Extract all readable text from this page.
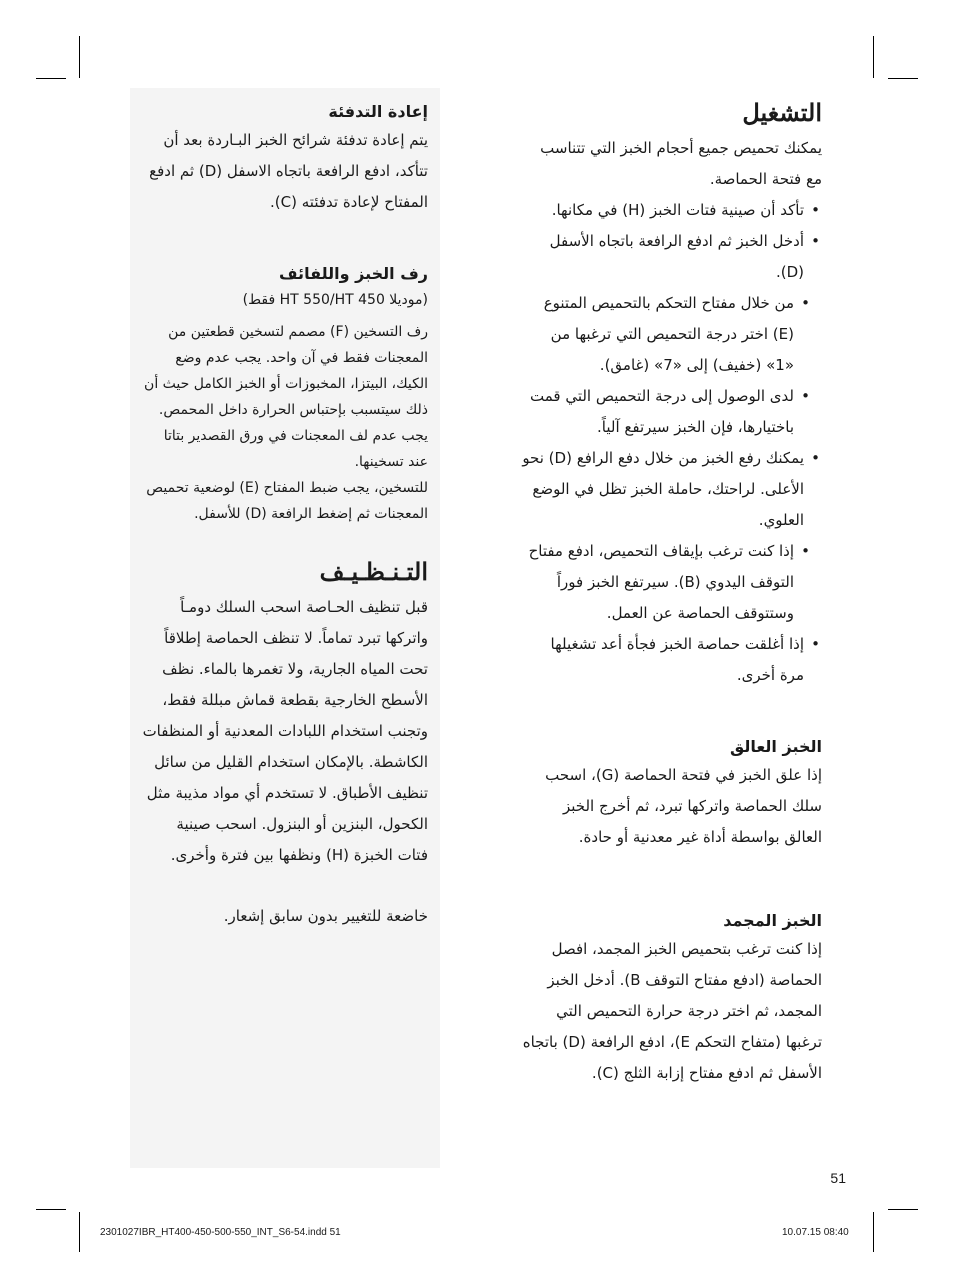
إعادة التدفئة

يتم إعادة تدفئة شرائح الخبز البـاردة بعد أن تتأكد، ادفع الرافعة باتجاه الاسفل (D) ثم ادفع المفتاح لإعادة تدفئته (C).

رف الخبز واللفائف

(موديلا HT 550/HT 450 فقط)

رف التسخين (F) مصمم لتسخين قطعتين من المعجنات فقط في آن واحد. يجب عدم وضع الكيك، البيتزا، المخبوزات أو الخبز الكامل حيث أن ذلك سيتسبب بإحتباس الحرارة داخل المحمص.

يجب عدم لف المعجنات في ورق القصدير بتاتا عند تسخينها.

للتسخين، يجب ضبط المفتاح (E) لوضعية تحميص المعجنات ثم إضغط الرافعة (D) للأسفل.

التـنـظـيـف

قبل تنظيف الحـاصة اسحب السلك دومـاً واتركها تبرد تماماً. لا تنظف الحماصة إطلاقاً تحت المياه الجارية، ولا تغمرها بالماء. نظف الأسطح الخارجية بقطعة قماش مبللة فقط، وتجنب استخدام اللبادات المعدنية أو المنظفات الكاشطة. بالإمكان استخدام القليل من سائل تنظيف الأطباق. لا تستخدم أي مواد مذيبة مثل الكحول، البنزين أو البنزول. اسحب صينية فتات الخبزة (H) ونظفها بين فترة وأخرى.

خاضعة للتغيير بدون سابق إشعار.

التشغيل

يمكنك تحميص جميع أحجام الخبز التي تتناسب مع فتحة الحماصة.

• تأكد أن صينية فتات الخبز (H) في مكانها.
• أدخل الخبز ثم ادفع الرافعة باتجاه الأسفل (D).
• من خلال مفتاح التحكم بالتحميص المتنوع (E) اختر درجة التحميص التي ترغبها من «1» (خفيف) إلى «7» (غامق).
• لدى الوصول إلى درجة التحميص التي قمت باختيارها، فإن الخبز سيرتفع آلياً.
• يمكنك رفع الخبز من خلال دفع الرافع (D) نحو الأعلى. لراحتك، حاملة الخبز تظل في الوضع العلوي.
• إذا كنت ترغب بإيقاف التحميص، ادفع مفتاح التوقف اليدوي (B). سيرتفع الخبز فوراً وستتوقف الحماصة عن العمل.
• إذا أغلقت حماصة الخبز فجأة أعد تشغيلها مرة أخرى.
الخبز العالق

إذا علق الخبز في فتحة الحماصة (G)، اسحب سلك الحماصة واتركها تبرد، ثم أخرج الخبز العالق بواسطة أداة غير معدنية أو حادة.

الخبز المجمد

إذا كنت ترغب بتحميص الخبز المجمد، افصل الحماصة (ادفع مفتاح التوقف B). أدخل الخبز المجمد، ثم اختر درجة حرارة التحميص التي ترغبها (متفاح التحكم E)، ادفع الرافعة (D) باتجاه الأسفل ثم ادفع مفتاح إزابة الثلج (C).

51
2301027IBR_HT400-450-500-550_INT_S6-54.indd 51	10.07.15 08:40
